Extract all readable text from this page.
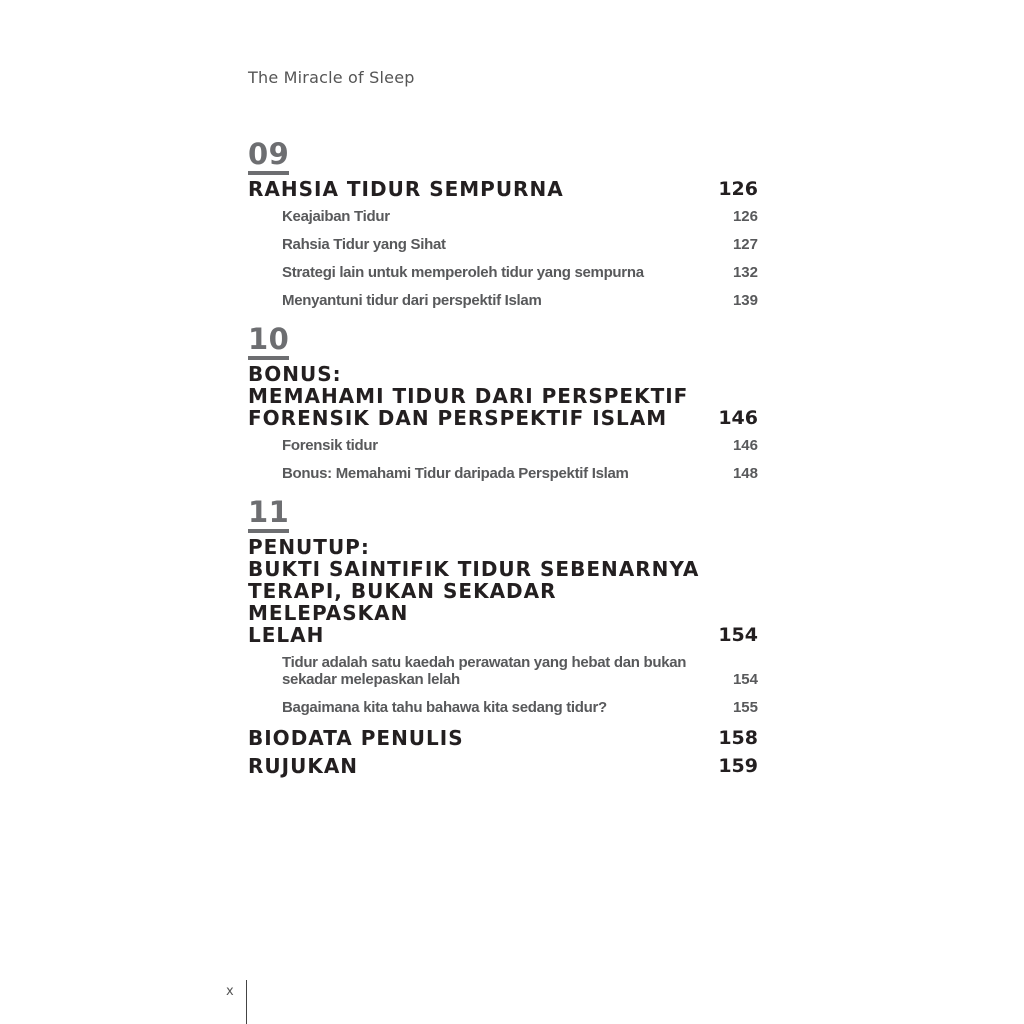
The Miracle of Sleep
09
RAHSIA TIDUR SEMPURNA	126
Keajaiban Tidur	126
Rahsia Tidur yang Sihat	127
Strategi lain untuk memperoleh tidur yang sempurna	132
Menyantuni tidur dari perspektif Islam	139
10
BONUS:
MEMAHAMI TIDUR DARI PERSPEKTIF
FORENSIK DAN PERSPEKTIF ISLAM	146
Forensik tidur	146
Bonus: Memahami Tidur daripada Perspektif Islam	148
11
PENUTUP:
BUKTI SAINTIFIK TIDUR SEBENARNYA
TERAPI, BUKAN SEKADAR MELEPASKAN
LELAH	154
Tidur adalah satu kaedah perawatan yang hebat dan bukan sekadar melepaskan lelah	154
Bagaimana kita tahu bahawa kita sedang tidur?	155
BIODATA PENULIS	158
RUJUKAN	159
x
